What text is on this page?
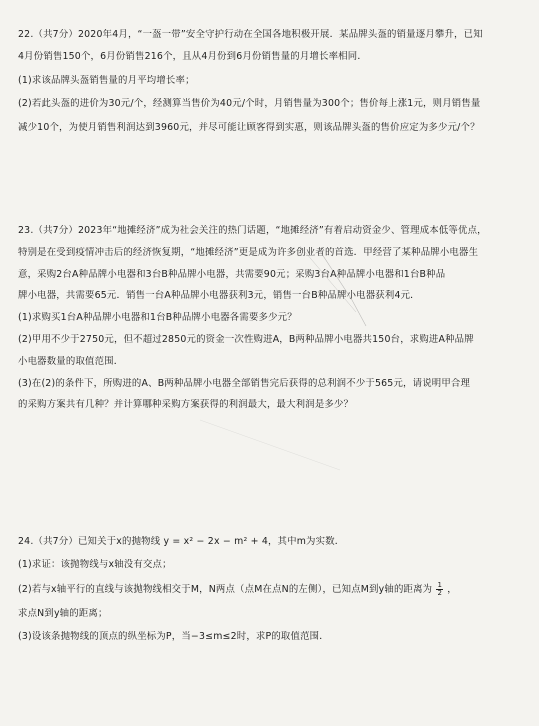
22.（共7分）2020年4月，“一盔一带”安全守护行动在全国各地积极开展．某品牌头盔的销量逐月攀升，已知
4月份销售150个，6月份销售216个，且从4月份到6月份销售量的月增长率相同．
(1)求该品牌头盔销售量的月平均增长率；
(2)若此头盔的进价为30元/个，经测算当售价为40元/个时，月销售量为300个；售价每上涨1元，则月销售量
减少10个，为使月销售利润达到3960元，并尽可能让顾客得到实惠，则该品牌头盔的售价应定为多少元/个？
23.（共7分）2023年“地摊经济”成为社会关注的热门话题，“地摊经济”有着启动资金少、管理成本低等优点，
特别是在受到疫情冲击后的经济恢复期，“地摊经济”更是成为许多创业者的首选．甲经营了某种品牌小电器生
意，采购2台A种品牌小电器和3台B种品牌小电器，共需要90元；采购3台A种品牌小电器和1台B种品
牌小电器，共需要65元．销售一台A种品牌小电器获利3元，销售一台B种品牌小电器获利4元．
(1)求购买1台A种品牌小电器和1台B种品牌小电器各需要多少元？
(2)甲用不少于2750元，但不超过2850元的资金一次性购进A，B两种品牌小电器共150台，求购进A种品牌
小电器数量的取值范围．
(3)在(2)的条件下，所购进的A、B两种品牌小电器全部销售完后获得的总利润不少于565元，请说明甲合理
的采购方案共有几种？并计算哪种采购方案获得的利润最大，最大利润是多少？
24.（共7分）已知关于x的抛物线 y = x² − 2x − m² + 4，其中m为实数．
(1)求证：该抛物线与x轴没有交点；
(2)若与x轴平行的直线与该抛物线相交于M，N两点（点M在点N的左侧），已知点M到y轴的距离为 $\frac{1}{2}$ ，
求点N到y轴的距离；
(3)设该条抛物线的顶点的纵坐标为P，当−3≤m≤2时，求P的取值范围．
